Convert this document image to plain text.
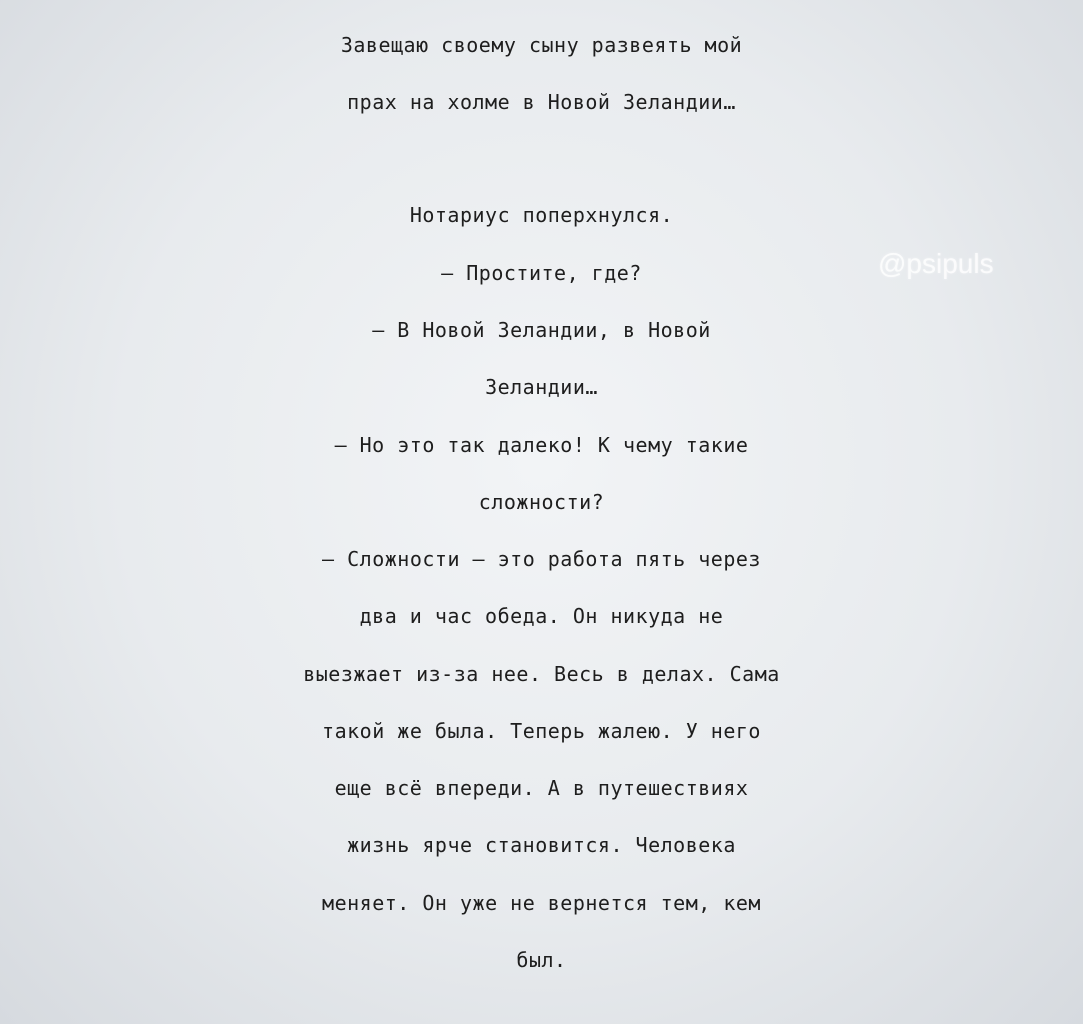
Завещаю своему сыну развеять мой
прах на холме в Новой Зеландии…
Нотариус поперхнулся.
– Простите, где?
– В Новой Зеландии, в Новой
Зеландии…
– Но это так далеко! К чему такие
сложности?
– Сложности – это работа пять через
два и час обеда. Он никуда не
выезжает из-за нее. Весь в делах. Сама
такой же была. Теперь жалею. У него
еще всё впереди. А в путешествиях
жизнь ярче становится. Человека
меняет. Он уже не вернется тем, кем
был.
@psipuls
